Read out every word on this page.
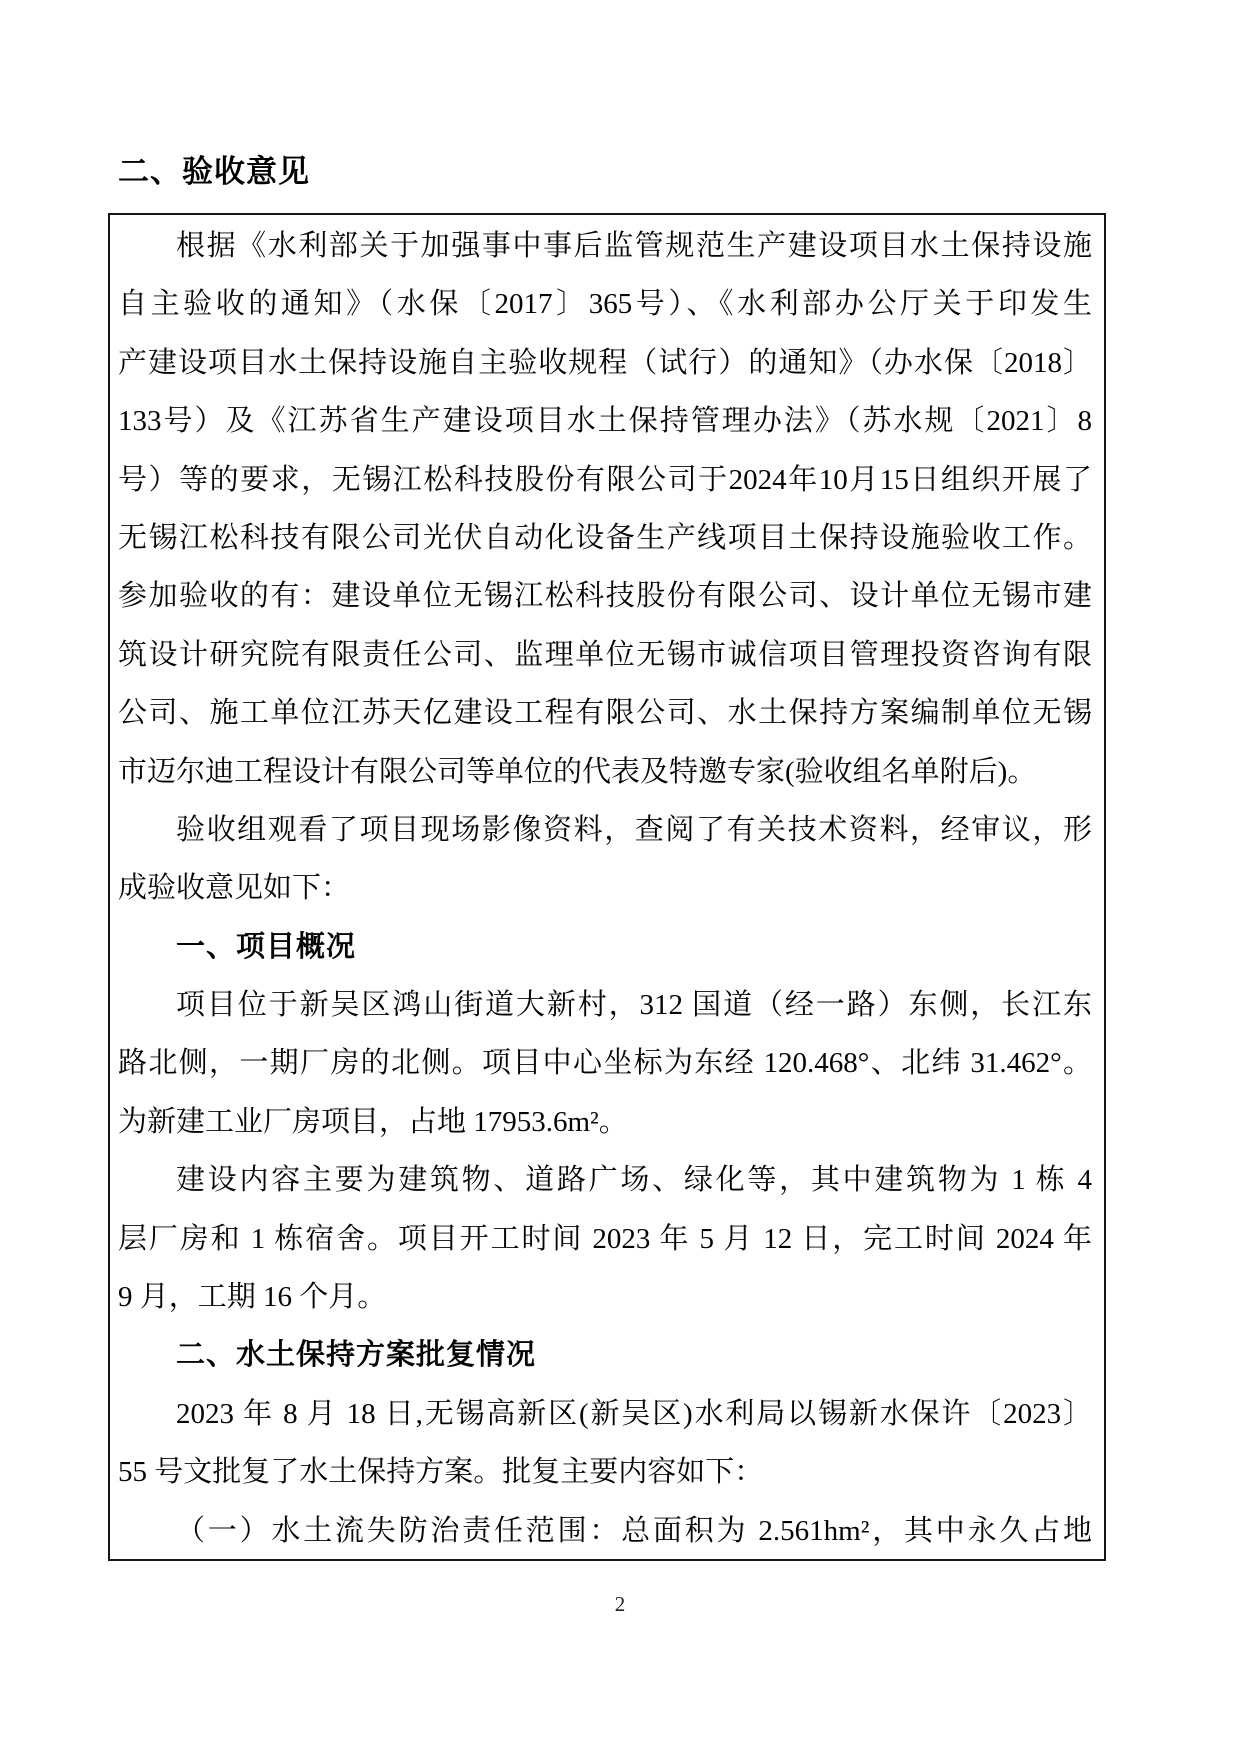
二、验收意见
根据《水利部关于加强事中事后监管规范生产建设项目水土保持设施
自主验收的通知》（水保〔2017〕365号）、《水利部办公厅关于印发生
产建设项目水土保持设施自主验收规程（试行）的通知》（办水保〔2018〕
133号）及《江苏省生产建设项目水土保持管理办法》（苏水规〔2021〕8
号）等的要求，无锡江松科技股份有限公司于2024年10月15日组织开展了
无锡江松科技有限公司光伏自动化设备生产线项目土保持设施验收工作。
参加验收的有：建设单位无锡江松科技股份有限公司、设计单位无锡市建
筑设计研究院有限责任公司、监理单位无锡市诚信项目管理投资咨询有限
公司、施工单位江苏天亿建设工程有限公司、水土保持方案编制单位无锡
市迈尔迪工程设计有限公司等单位的代表及特邀专家(验收组名单附后)。
验收组观看了项目现场影像资料，查阅了有关技术资料，经审议，形
成验收意见如下：
一、项目概况
项目位于新吴区鸿山街道大新村，312 国道（经一路）东侧，长江东
路北侧，一期厂房的北侧。项目中心坐标为东经 120.468°、北纬 31.462°。
为新建工业厂房项目，占地 17953.6m²。
建设内容主要为建筑物、道路广场、绿化等，其中建筑物为 1 栋 4
层厂房和 1 栋宿舍。项目开工时间 2023 年 5 月 12 日，完工时间 2024 年
9 月，工期 16 个月。
二、水土保持方案批复情况
2023 年 8 月 18 日,无锡高新区(新吴区)水利局以锡新水保许〔2023〕
55 号文批复了水土保持方案。批复主要内容如下：
（一）水土流失防治责任范围：总面积为 2.561hm²，其中永久占地
2
